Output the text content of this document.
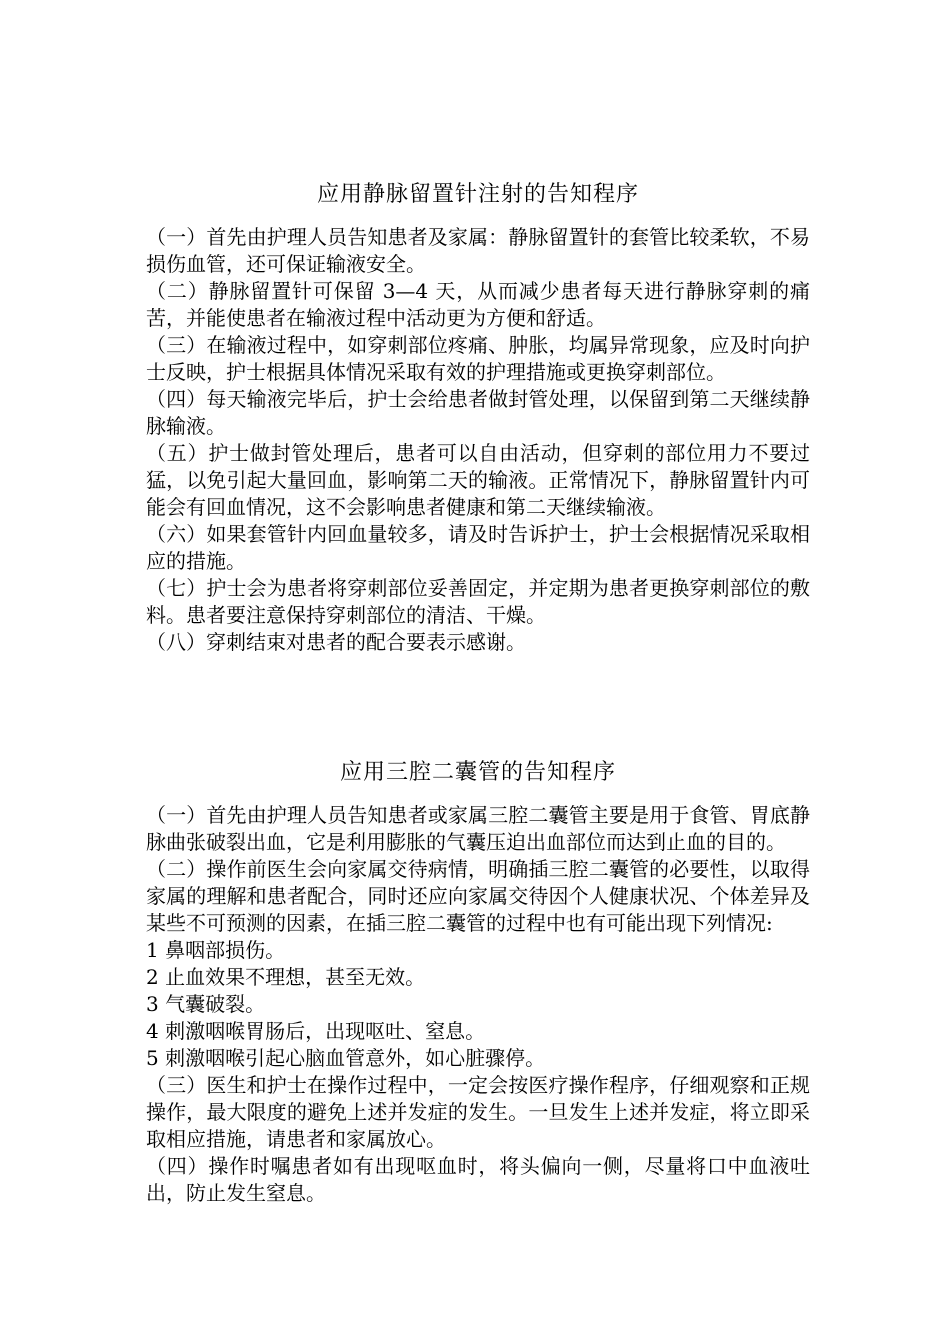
应用静脉留置针注射的告知程序

（一）首先由护理人员告知患者及家属：静脉留置针的套管比较柔软，不易损伤血管，还可保证输液安全。

（二）静脉留置针可保留 3—4 天，从而减少患者每天进行静脉穿刺的痛苦，并能使患者在输液过程中活动更为方便和舒适。

（三）在输液过程中，如穿刺部位疼痛、肿胀，均属异常现象，应及时向护士反映，护士根据具体情况采取有效的护理措施或更换穿刺部位。

（四）每天输液完毕后，护士会给患者做封管处理，以保留到第二天继续静脉输液。

（五）护士做封管处理后，患者可以自由活动，但穿刺的部位用力不要过猛，以免引起大量回血，影响第二天的输液。正常情况下，静脉留置针内可能会有回血情况，这不会影响患者健康和第二天继续输液。

（六）如果套管针内回血量较多，请及时告诉护士，护士会根据情况采取相应的措施。

（七）护士会为患者将穿刺部位妥善固定，并定期为患者更换穿刺部位的敷料。患者要注意保持穿刺部位的清洁、干燥。

（八）穿刺结束对患者的配合要表示感谢。

应用三腔二囊管的告知程序

（一）首先由护理人员告知患者或家属三腔二囊管主要是用于食管、胃底静脉曲张破裂出血，它是利用膨胀的气囊压迫出血部位而达到止血的目的。

（二）操作前医生会向家属交待病情，明确插三腔二囊管的必要性，以取得家属的理解和患者配合，同时还应向家属交待因个人健康状况、个体差异及某些不可预测的因素，在插三腔二囊管的过程中也有可能出现下列情况:

1 鼻咽部损伤。

2 止血效果不理想，甚至无效。

3 气囊破裂。

4 刺激咽喉胃肠后，出现呕吐、窒息。

5 刺激咽喉引起心脑血管意外，如心脏骤停。

（三）医生和护士在操作过程中，一定会按医疗操作程序，仔细观察和正规操作，最大限度的避免上述并发症的发生。一旦发生上述并发症，将立即采取相应措施，请患者和家属放心。

（四）操作时嘱患者如有出现呕血时，将头偏向一侧，尽量将口中血液吐出，防止发生窒息。
